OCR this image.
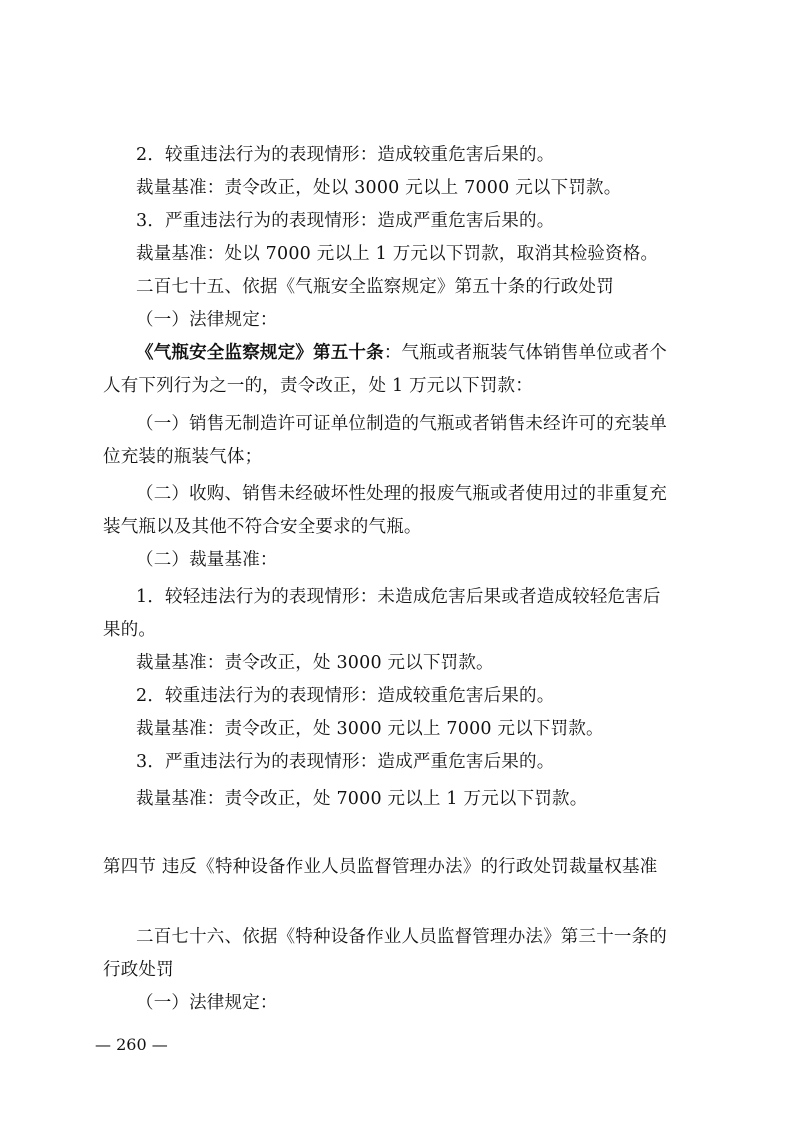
2．较重违法行为的表现情形：造成较重危害后果的。
裁量基准：责令改正，处以 3000 元以上 7000 元以下罚款。
3．严重违法行为的表现情形：造成严重危害后果的。
裁量基准：处以 7000 元以上 1 万元以下罚款，取消其检验资格。
二百七十五、依据《气瓶安全监察规定》第五十条的行政处罚
（一）法律规定：
《气瓶安全监察规定》第五十条：气瓶或者瓶装气体销售单位或者个
人有下列行为之一的，责令改正，处 1 万元以下罚款：
（一）销售无制造许可证单位制造的气瓶或者销售未经许可的充装单
位充装的瓶装气体；
（二）收购、销售未经破坏性处理的报废气瓶或者使用过的非重复充
装气瓶以及其他不符合安全要求的气瓶。
（二）裁量基准：
1．较轻违法行为的表现情形：未造成危害后果或者造成较轻危害后
果的。
裁量基准：责令改正，处 3000 元以下罚款。
2．较重违法行为的表现情形：造成较重危害后果的。
裁量基准：责令改正，处 3000 元以上 7000 元以下罚款。
3．严重违法行为的表现情形：造成严重危害后果的。
裁量基准：责令改正，处 7000 元以上 1 万元以下罚款。
第四节 违反《特种设备作业人员监督管理办法》的行政处罚裁量权基准
二百七十六、依据《特种设备作业人员监督管理办法》第三十一条的
行政处罚
（一）法律规定：
— 260 —
